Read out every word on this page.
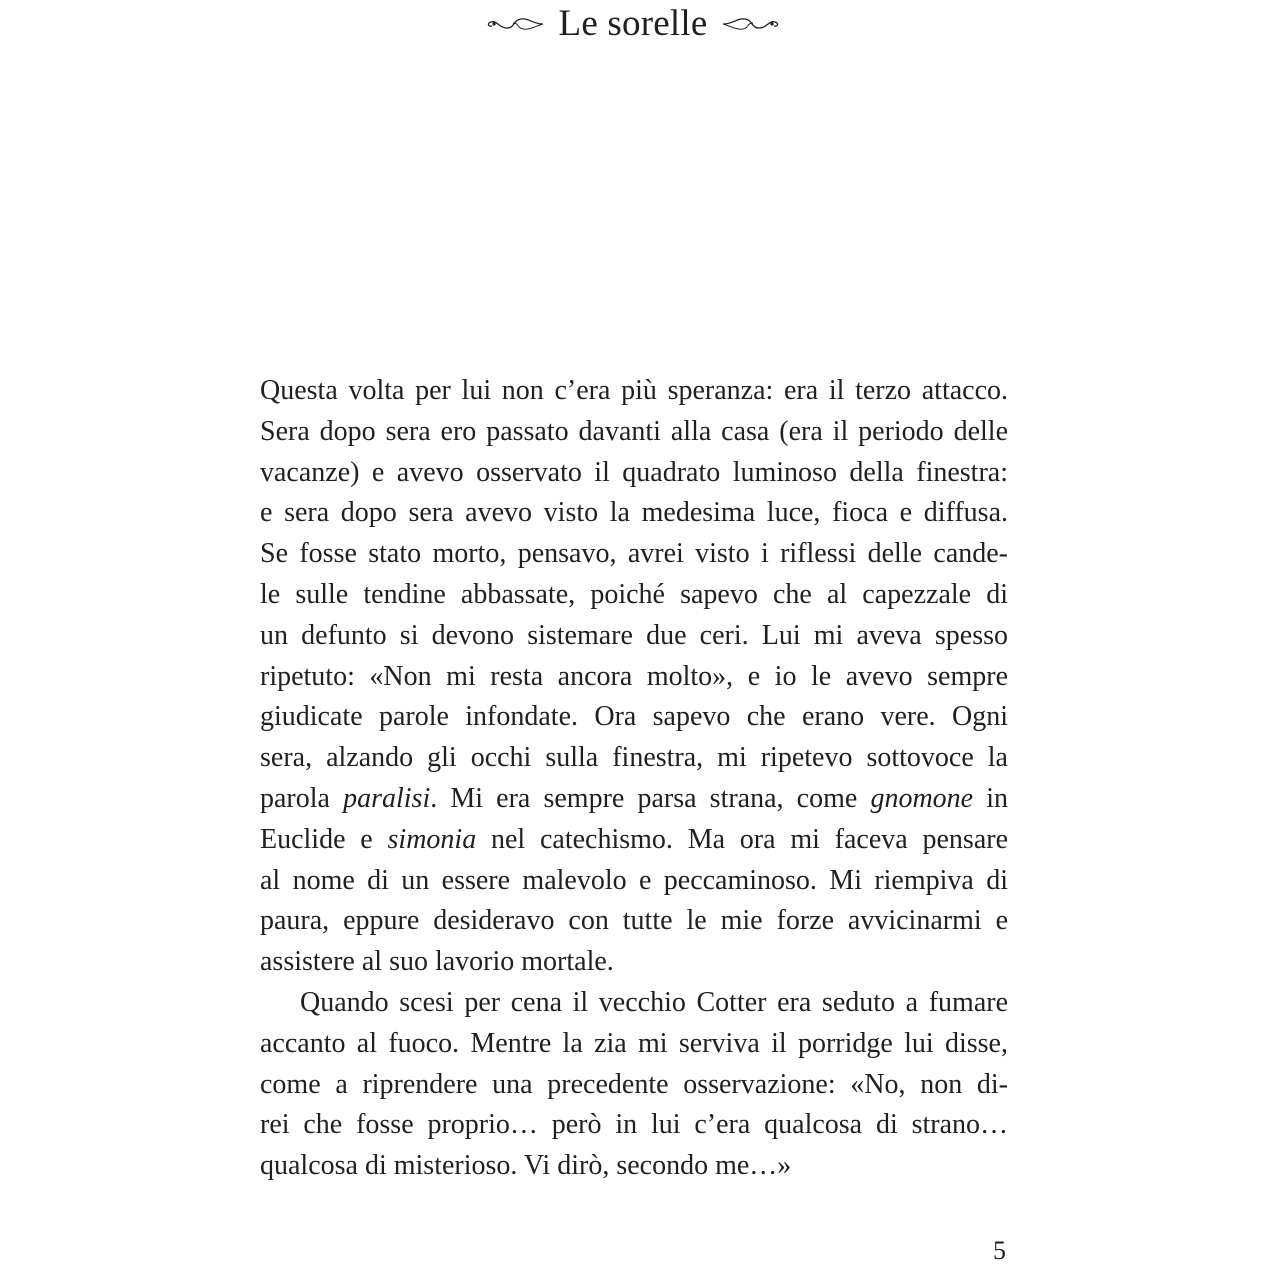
Le sorelle

Questa volta per lui non c’era più speranza: era il terzo attacco.
Sera dopo sera ero passato davanti alla casa (era il periodo delle
vacanze) e avevo osservato il quadrato luminoso della finestra:
e sera dopo sera avevo visto la medesima luce, fioca e diffusa.
Se fosse stato morto, pensavo, avrei visto i riflessi delle cande-
le sulle tendine abbassate, poiché sapevo che al capezzale di
un defunto si devono sistemare due ceri. Lui mi aveva spesso
ripetuto: «Non mi resta ancora molto», e io le avevo sempre
giudicate parole infondate. Ora sapevo che erano vere. Ogni
sera, alzando gli occhi sulla finestra, mi ripetevo sottovoce la
parola paralisi. Mi era sempre parsa strana, come gnomone in
Euclide e simonia nel catechismo. Ma ora mi faceva pensare
al nome di un essere malevolo e peccaminoso. Mi riempiva di
paura, eppure desideravo con tutte le mie forze avvicinarmi e
assistere al suo lavorio mortale.

Quando scesi per cena il vecchio Cotter era seduto a fumare
accanto al fuoco. Mentre la zia mi serviva il porridge lui disse,
come a riprendere una precedente osservazione: «No, non di-
rei che fosse proprio… però in lui c’era qualcosa di strano…
qualcosa di misterioso. Vi dirò, secondo me…»

5
